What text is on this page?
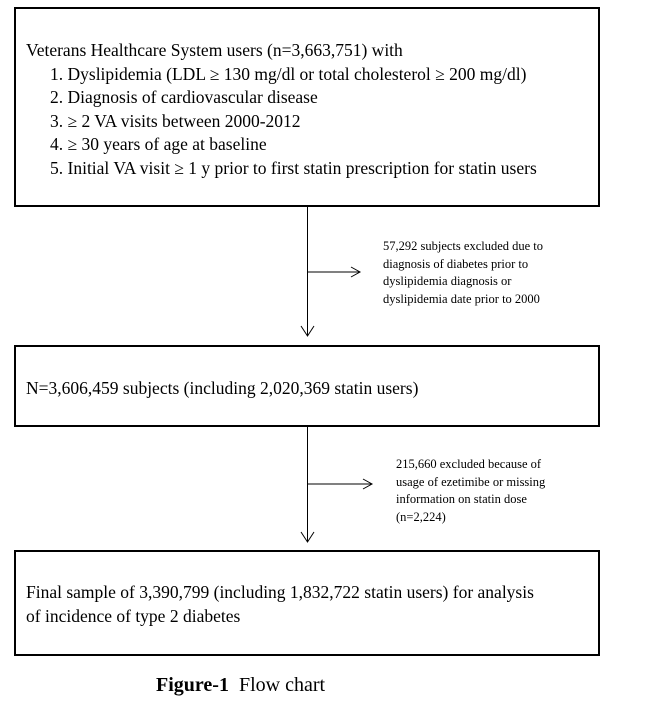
Veterans Healthcare System users (n=3,663,751) with
1. Dyslipidemia (LDL ≥ 130 mg/dl or total cholesterol ≥ 200 mg/dl)
2. Diagnosis of cardiovascular disease
3. ≥ 2 VA visits between 2000-2012
4. ≥ 30 years of age at baseline
5. Initial VA visit ≥ 1 y prior to first statin prescription for statin users
57,292 subjects excluded due to
diagnosis of diabetes prior to
dyslipidemia diagnosis or
dyslipidemia date prior to 2000
N=3,606,459 subjects (including 2,020,369 statin users)
215,660 excluded because of
usage of ezetimibe or missing
information on statin dose
(n=2,224)
Final sample of 3,390,799 (including 1,832,722 statin users) for analysis
of incidence of type 2 diabetes
Figure-1 Flow chart
